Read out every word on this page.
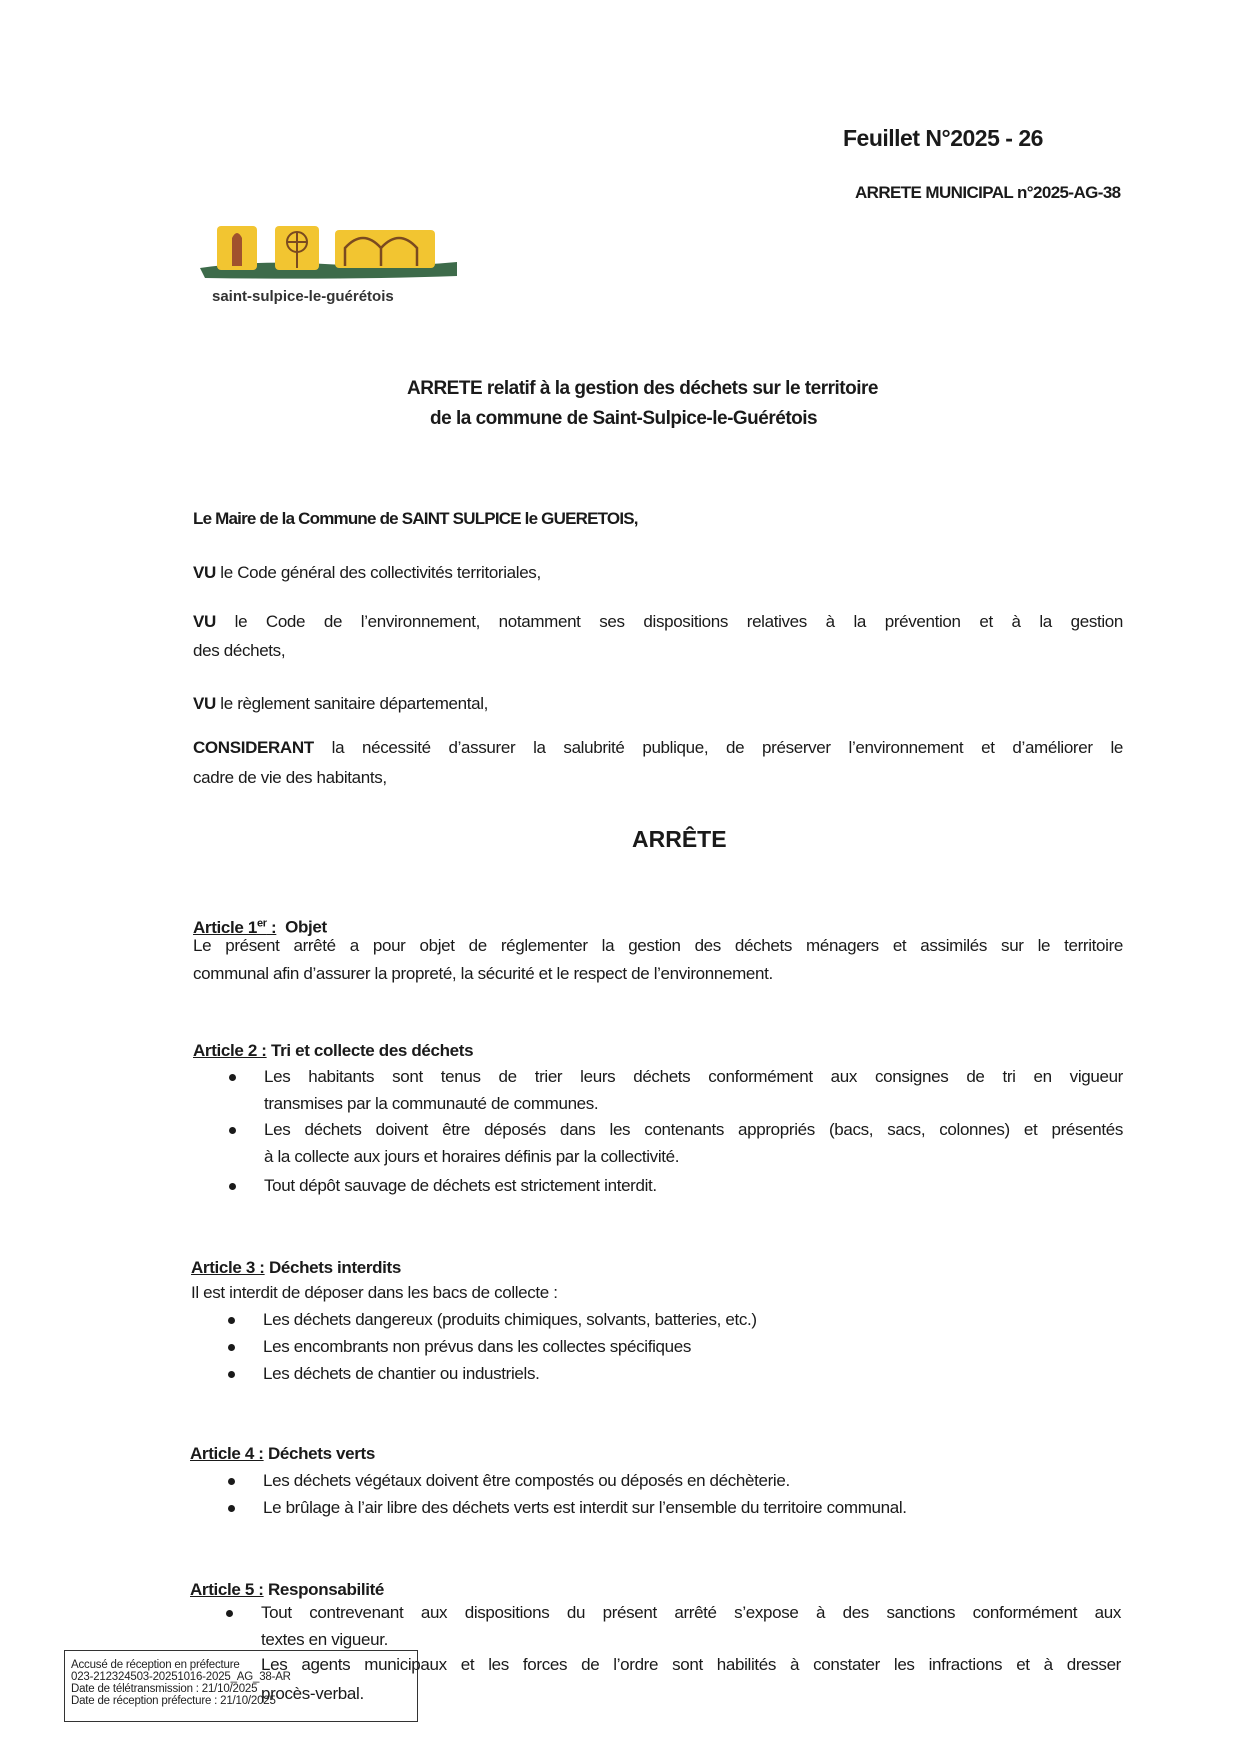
Accusé de réception en préfecture
023-212324503-20251016-2025_AG_38-AR
Date de télétransmission : 21/10/2025
Date de réception préfecture : 21/10/2025
Feuillet N°2025 - 26
ARRETE MUNICIPAL n°2025-AG-38
saint-sulpice-le-guérétois
ARRETE relatif à la gestion des déchets sur le territoire
de la commune de Saint-Sulpice-le-Guérétois
Le Maire de la Commune de SAINT SULPICE le GUERETOIS,
VU le Code général des collectivités territoriales,
VU le Code de l’environnement, notamment ses dispositions relatives à la prévention et à la gestion
des déchets,
VU le règlement sanitaire départemental,
CONSIDERANT la nécessité d’assurer la salubrité publique, de préserver l’environnement et d’améliorer le
cadre de vie des habitants,
ARRÊTE
Article 1er :  Objet
Le présent arrêté a pour objet de réglementer la gestion des déchets ménagers et assimilés sur le territoire
communal afin d’assurer la propreté, la sécurité et le respect de l’environnement.
Article 2 : Tri et collecte des déchets
Les habitants sont tenus de trier leurs déchets conformément aux consignes de tri en vigueur
transmises par la communauté de communes.
Les déchets doivent être déposés dans les contenants appropriés (bacs, sacs, colonnes) et présentés
à la collecte aux jours et horaires définis par la collectivité.
Tout dépôt sauvage de déchets est strictement interdit.
Article 3 : Déchets interdits
Il est interdit de déposer dans les bacs de collecte :
Les déchets dangereux (produits chimiques, solvants, batteries, etc.)
Les encombrants non prévus dans les collectes spécifiques
Les déchets de chantier ou industriels.
Article 4 : Déchets verts
Les déchets végétaux doivent être compostés ou déposés en déchèterie.
Le brûlage à l’air libre des déchets verts est interdit sur l’ensemble du territoire communal.
Article 5 : Responsabilité
Tout contrevenant aux dispositions du présent arrêté s’expose à des sanctions conformément aux
textes en vigueur.
Les agents municipaux et les forces de l’ordre sont habilités à constater les infractions et à dresser
procès-verbal.
